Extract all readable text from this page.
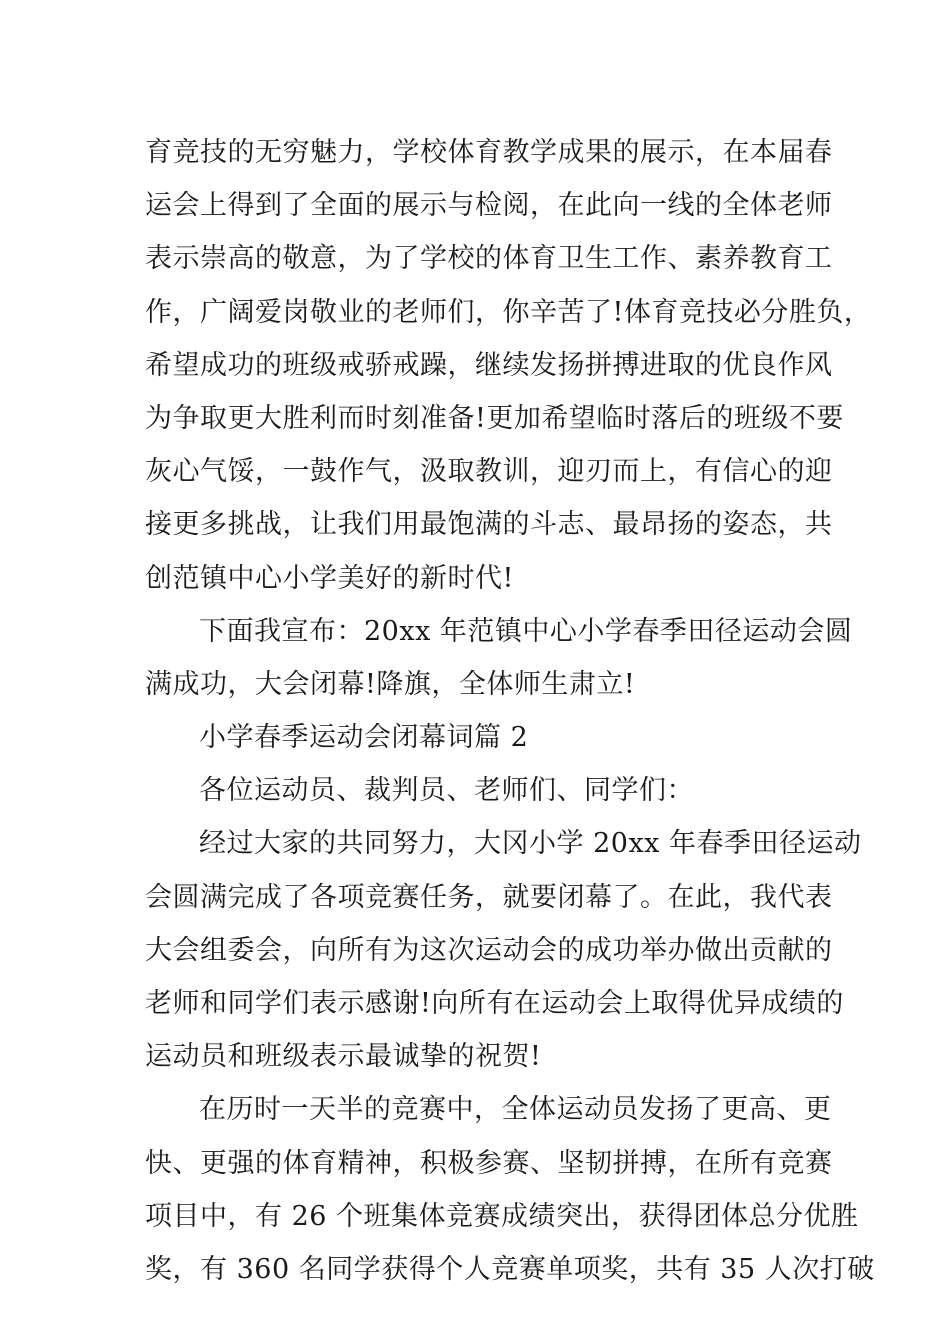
育竞技的无穷魅力，学校体育教学成果的展示，在本届春
运会上得到了全面的展示与检阅，在此向一线的全体老师
表示崇高的敬意，为了学校的体育卫生工作、素养教育工
作，广阔爱岗敬业的老师们，你辛苦了!体育竞技必分胜负，
希望成功的班级戒骄戒躁，继续发扬拼搏进取的优良作风
为争取更大胜利而时刻准备!更加希望临时落后的班级不要
灰心气馁，一鼓作气，汲取教训，迎刃而上，有信心的迎
接更多挑战，让我们用最饱满的斗志、最昂扬的姿态，共
创范镇中心小学美好的新时代!
下面我宣布：20xx 年范镇中心小学春季田径运动会圆
满成功，大会闭幕!降旗，全体师生肃立!
小学春季运动会闭幕词篇 2
各位运动员、裁判员、老师们、同学们：
经过大家的共同努力，大冈小学 20xx 年春季田径运动
会圆满完成了各项竞赛任务，就要闭幕了。在此，我代表
大会组委会，向所有为这次运动会的成功举办做出贡献的
老师和同学们表示感谢!向所有在运动会上取得优异成绩的
运动员和班级表示最诚挚的祝贺!
在历时一天半的竞赛中，全体运动员发扬了更高、更
快、更强的体育精神，积极参赛、坚韧拼搏，在所有竞赛
项目中，有 26 个班集体竞赛成绩突出，获得团体总分优胜
奖，有 360 名同学获得个人竞赛单项奖，共有 35 人次打破
